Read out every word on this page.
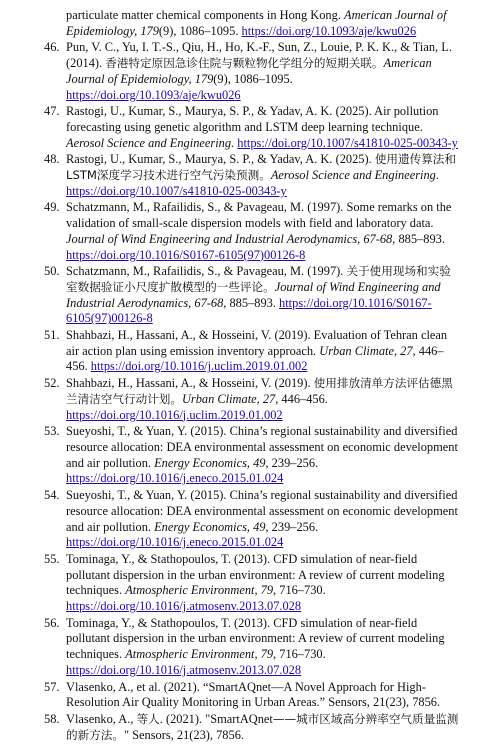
particulate matter chemical components in Hong Kong. American Journal of Epidemiology, 179(9), 1086–1095. https://doi.org/10.1093/aje/kwu026
46. Pun, V. C., Yu, I. T.-S., Qiu, H., Ho, K.-F., Sun, Z., Louie, P. K. K., & Tian, L. (2014). 香港特定原因急诊住院与颗粒物化学组分的短期关联。American Journal of Epidemiology, 179(9), 1086–1095. https://doi.org/10.1093/aje/kwu026
47. Rastogi, U., Kumar, S., Maurya, S. P., & Yadav, A. K. (2025). Air pollution forecasting using genetic algorithm and LSTM deep learning technique. Aerosol Science and Engineering. https://doi.org/10.1007/s41810-025-00343-y
48. Rastogi, U., Kumar, S., Maurya, S. P., & Yadav, A. K. (2025). 使用遗传算法和LSTM深度学习技术进行空气污染预测。Aerosol Science and Engineering. https://doi.org/10.1007/s41810-025-00343-y
49. Schatzmann, M., Rafailidis, S., & Pavageau, M. (1997). Some remarks on the validation of small-scale dispersion models with field and laboratory data. Journal of Wind Engineering and Industrial Aerodynamics, 67-68, 885–893. https://doi.org/10.1016/S0167-6105(97)00126-8
50. Schatzmann, M., Rafailidis, S., & Pavageau, M. (1997). 关于使用现场和实验室数据验证小尺度扩散模型的一些评论。Journal of Wind Engineering and Industrial Aerodynamics, 67-68, 885–893. https://doi.org/10.1016/S0167-6105(97)00126-8
51. Shahbazi, H., Hassani, A., & Hosseini, V. (2019). Evaluation of Tehran clean air action plan using emission inventory approach. Urban Climate, 27, 446–456. https://doi.org/10.1016/j.uclim.2019.01.002
52. Shahbazi, H., Hassani, A., & Hosseini, V. (2019). 使用排放清单方法评估德黑兰清洁空气行动计划。Urban Climate, 27, 446–456. https://doi.org/10.1016/j.uclim.2019.01.002
53. Sueyoshi, T., & Yuan, Y. (2015). China’s regional sustainability and diversified resource allocation: DEA environmental assessment on economic development and air pollution. Energy Economics, 49, 239–256. https://doi.org/10.1016/j.eneco.2015.01.024
54. Sueyoshi, T., & Yuan, Y. (2015). China’s regional sustainability and diversified resource allocation: DEA environmental assessment on economic development and air pollution. Energy Economics, 49, 239–256. https://doi.org/10.1016/j.eneco.2015.01.024
55. Tominaga, Y., & Stathopoulos, T. (2013). CFD simulation of near-field pollutant dispersion in the urban environment: A review of current modeling techniques. Atmospheric Environment, 79, 716–730. https://doi.org/10.1016/j.atmosenv.2013.07.028
56. Tominaga, Y., & Stathopoulos, T. (2013). CFD simulation of near-field pollutant dispersion in the urban environment: A review of current modeling techniques. Atmospheric Environment, 79, 716–730. https://doi.org/10.1016/j.atmosenv.2013.07.028
57. Vlasenko, A., et al. (2021). “SmartAQnet—A Novel Approach for High-Resolution Air Quality Monitoring in Urban Areas.” Sensors, 21(23), 7856.
58. Vlasenko, A., 等人. (2021). "SmartAQnet——城市区域高分辨率空气质量监测的新方法。" Sensors, 21(23), 7856.
